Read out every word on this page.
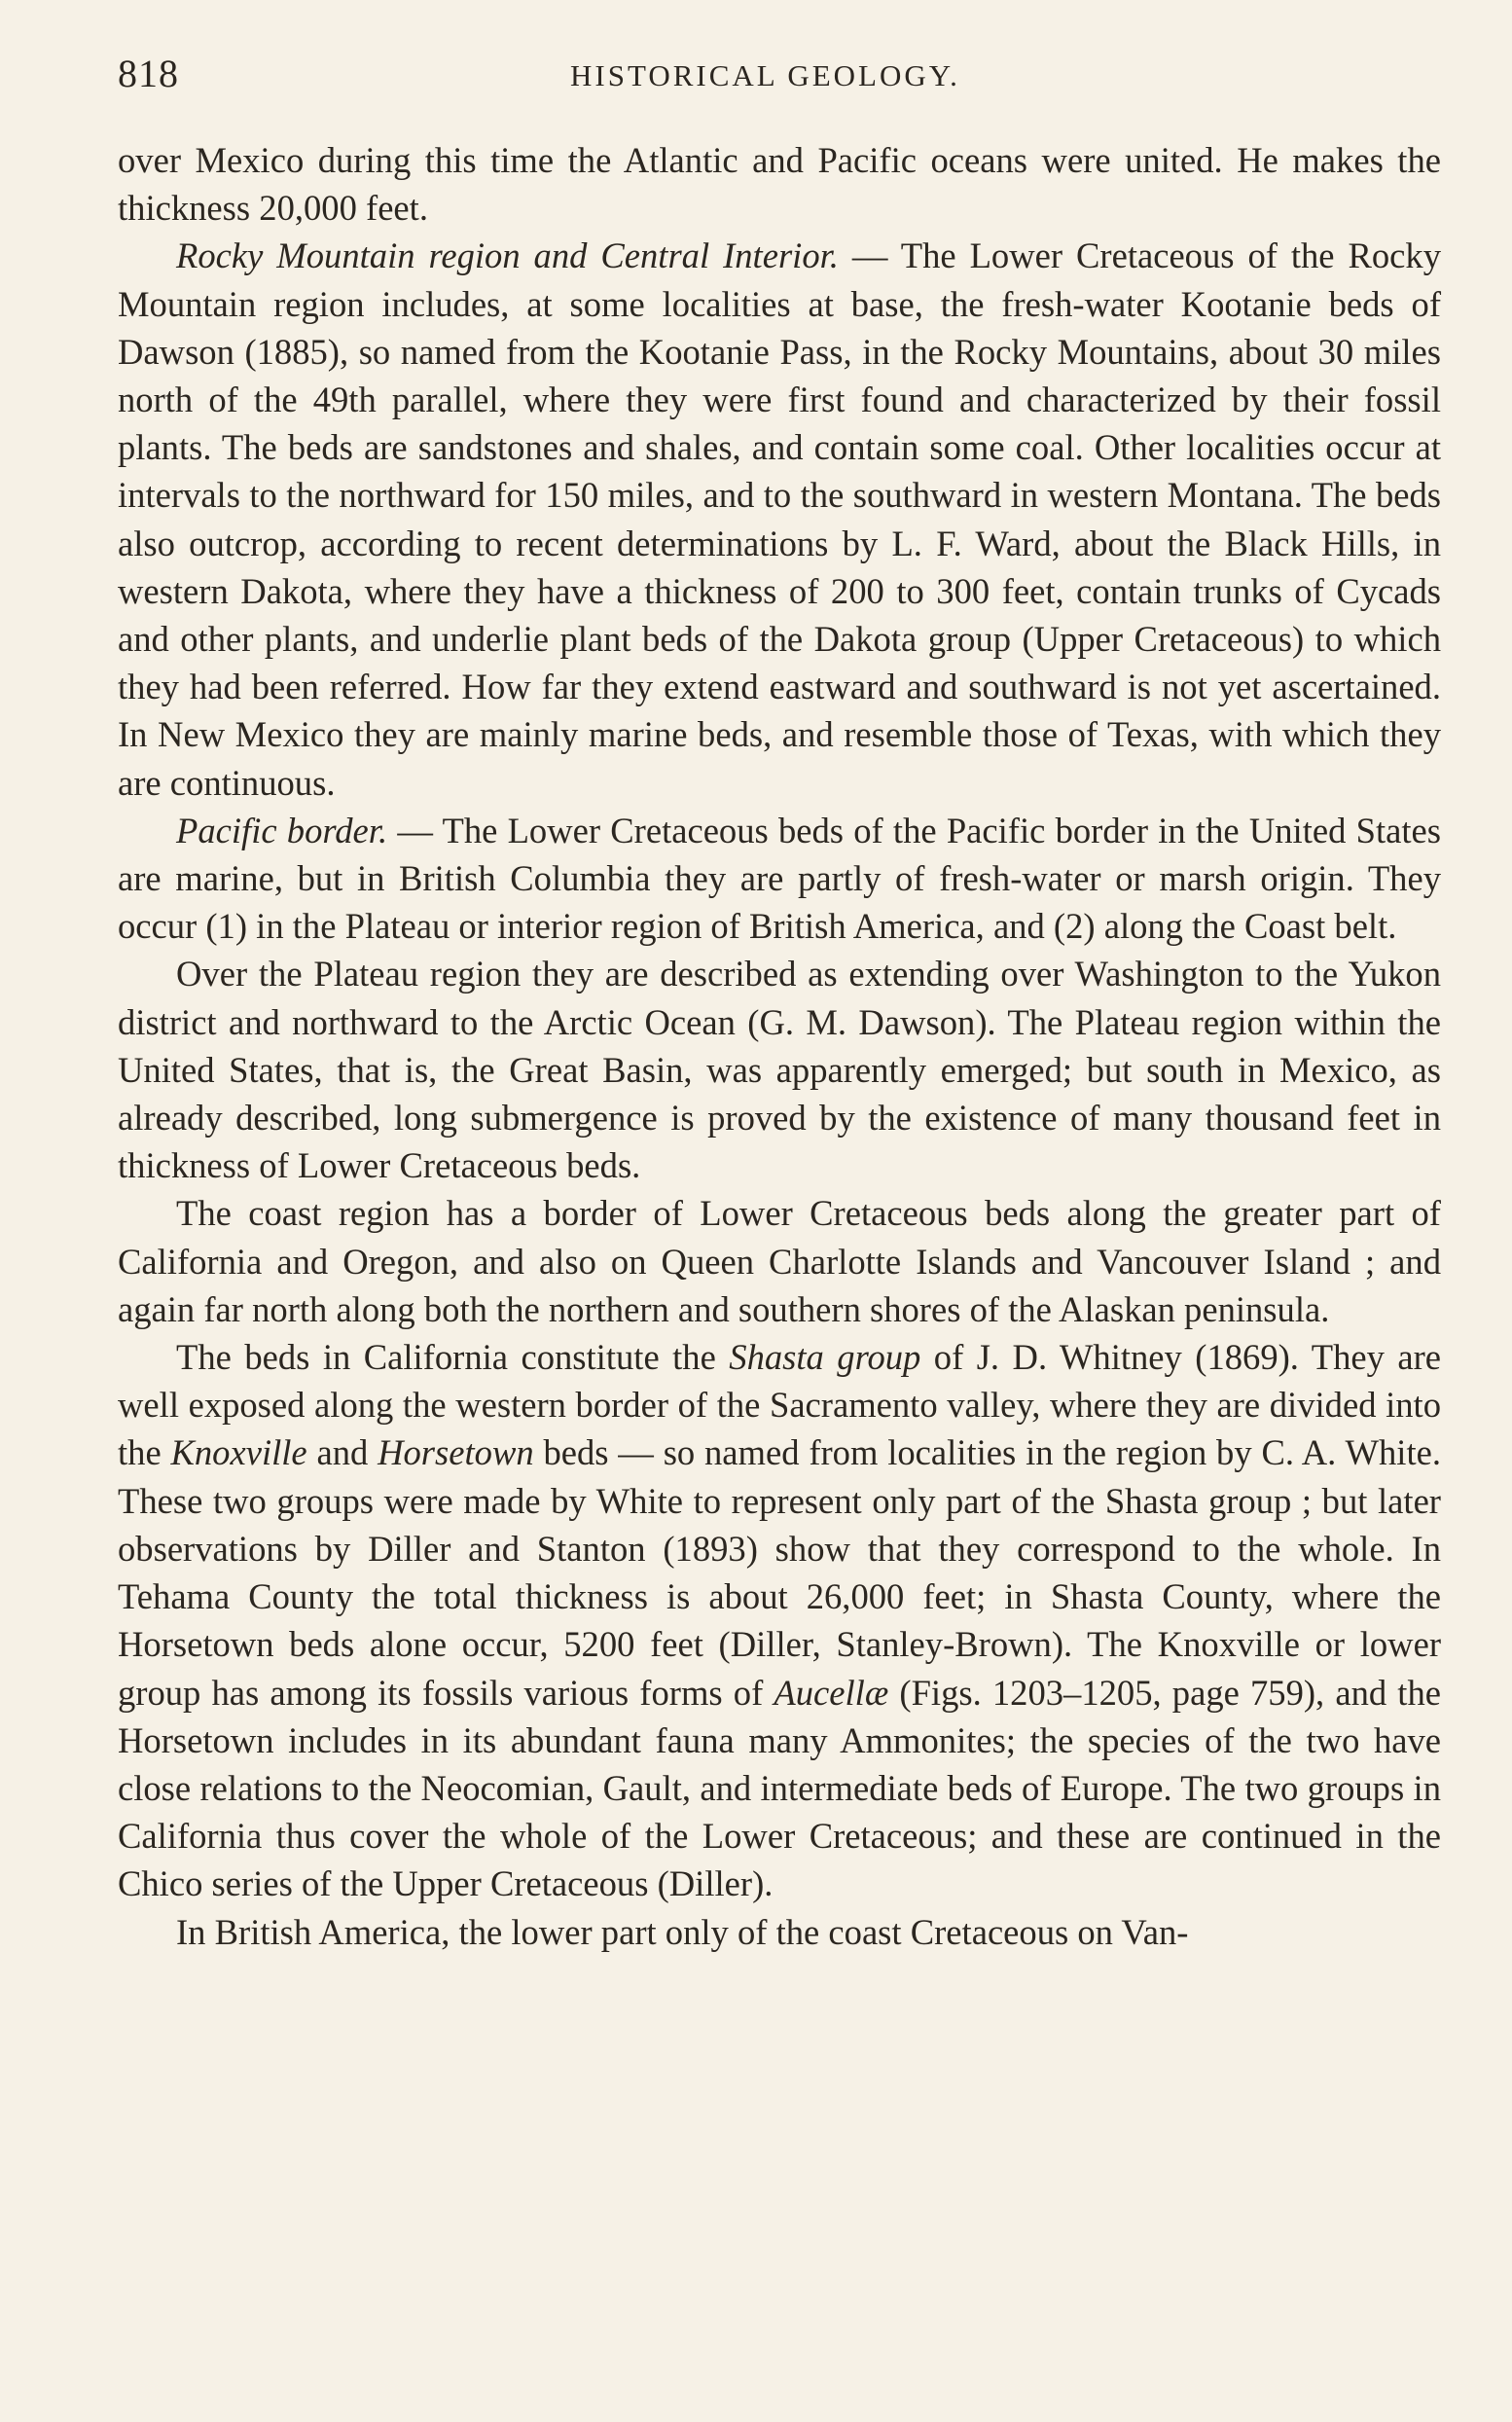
818	HISTORICAL GEOLOGY.

over Mexico during this time the Atlantic and Pacific oceans were united. He makes the thickness 20,000 feet.

Rocky Mountain region and Central Interior. — The Lower Cretaceous of the Rocky Mountain region includes, at some localities at base, the fresh-water Kootanie beds of Dawson (1885), so named from the Kootanie Pass, in the Rocky Mountains, about 30 miles north of the 49th parallel, where they were first found and characterized by their fossil plants. The beds are sandstones and shales, and contain some coal. Other localities occur at intervals to the northward for 150 miles, and to the southward in western Montana. The beds also outcrop, according to recent determinations by L. F. Ward, about the Black Hills, in western Dakota, where they have a thickness of 200 to 300 feet, contain trunks of Cycads and other plants, and underlie plant beds of the Dakota group (Upper Cretaceous) to which they had been referred. How far they extend eastward and southward is not yet ascertained. In New Mexico they are mainly marine beds, and resemble those of Texas, with which they are continuous.

Pacific border. — The Lower Cretaceous beds of the Pacific border in the United States are marine, but in British Columbia they are partly of fresh-water or marsh origin. They occur (1) in the Plateau or interior region of British America, and (2) along the Coast belt.

Over the Plateau region they are described as extending over Washington to the Yukon district and northward to the Arctic Ocean (G. M. Dawson). The Plateau region within the United States, that is, the Great Basin, was apparently emerged; but south in Mexico, as already described, long submergence is proved by the existence of many thousand feet in thickness of Lower Cretaceous beds.

The coast region has a border of Lower Cretaceous beds along the greater part of California and Oregon, and also on Queen Charlotte Islands and Vancouver Island ; and again far north along both the northern and southern shores of the Alaskan peninsula.

The beds in California constitute the Shasta group of J. D. Whitney (1869). They are well exposed along the western border of the Sacramento valley, where they are divided into the Knoxville and Horsetown beds — so named from localities in the region by C. A. White. These two groups were made by White to represent only part of the Shasta group ; but later observations by Diller and Stanton (1893) show that they correspond to the whole. In Tehama County the total thickness is about 26,000 feet; in Shasta County, where the Horsetown beds alone occur, 5200 feet (Diller, Stanley-Brown). The Knoxville or lower group has among its fossils various forms of Aucellæ (Figs. 1203–1205, page 759), and the Horsetown includes in its abundant fauna many Ammonites; the species of the two have close relations to the Neocomian, Gault, and intermediate beds of Europe. The two groups in California thus cover the whole of the Lower Cretaceous; and these are continued in the Chico series of the Upper Cretaceous (Diller).

In British America, the lower part only of the coast Cretaceous on Van-
